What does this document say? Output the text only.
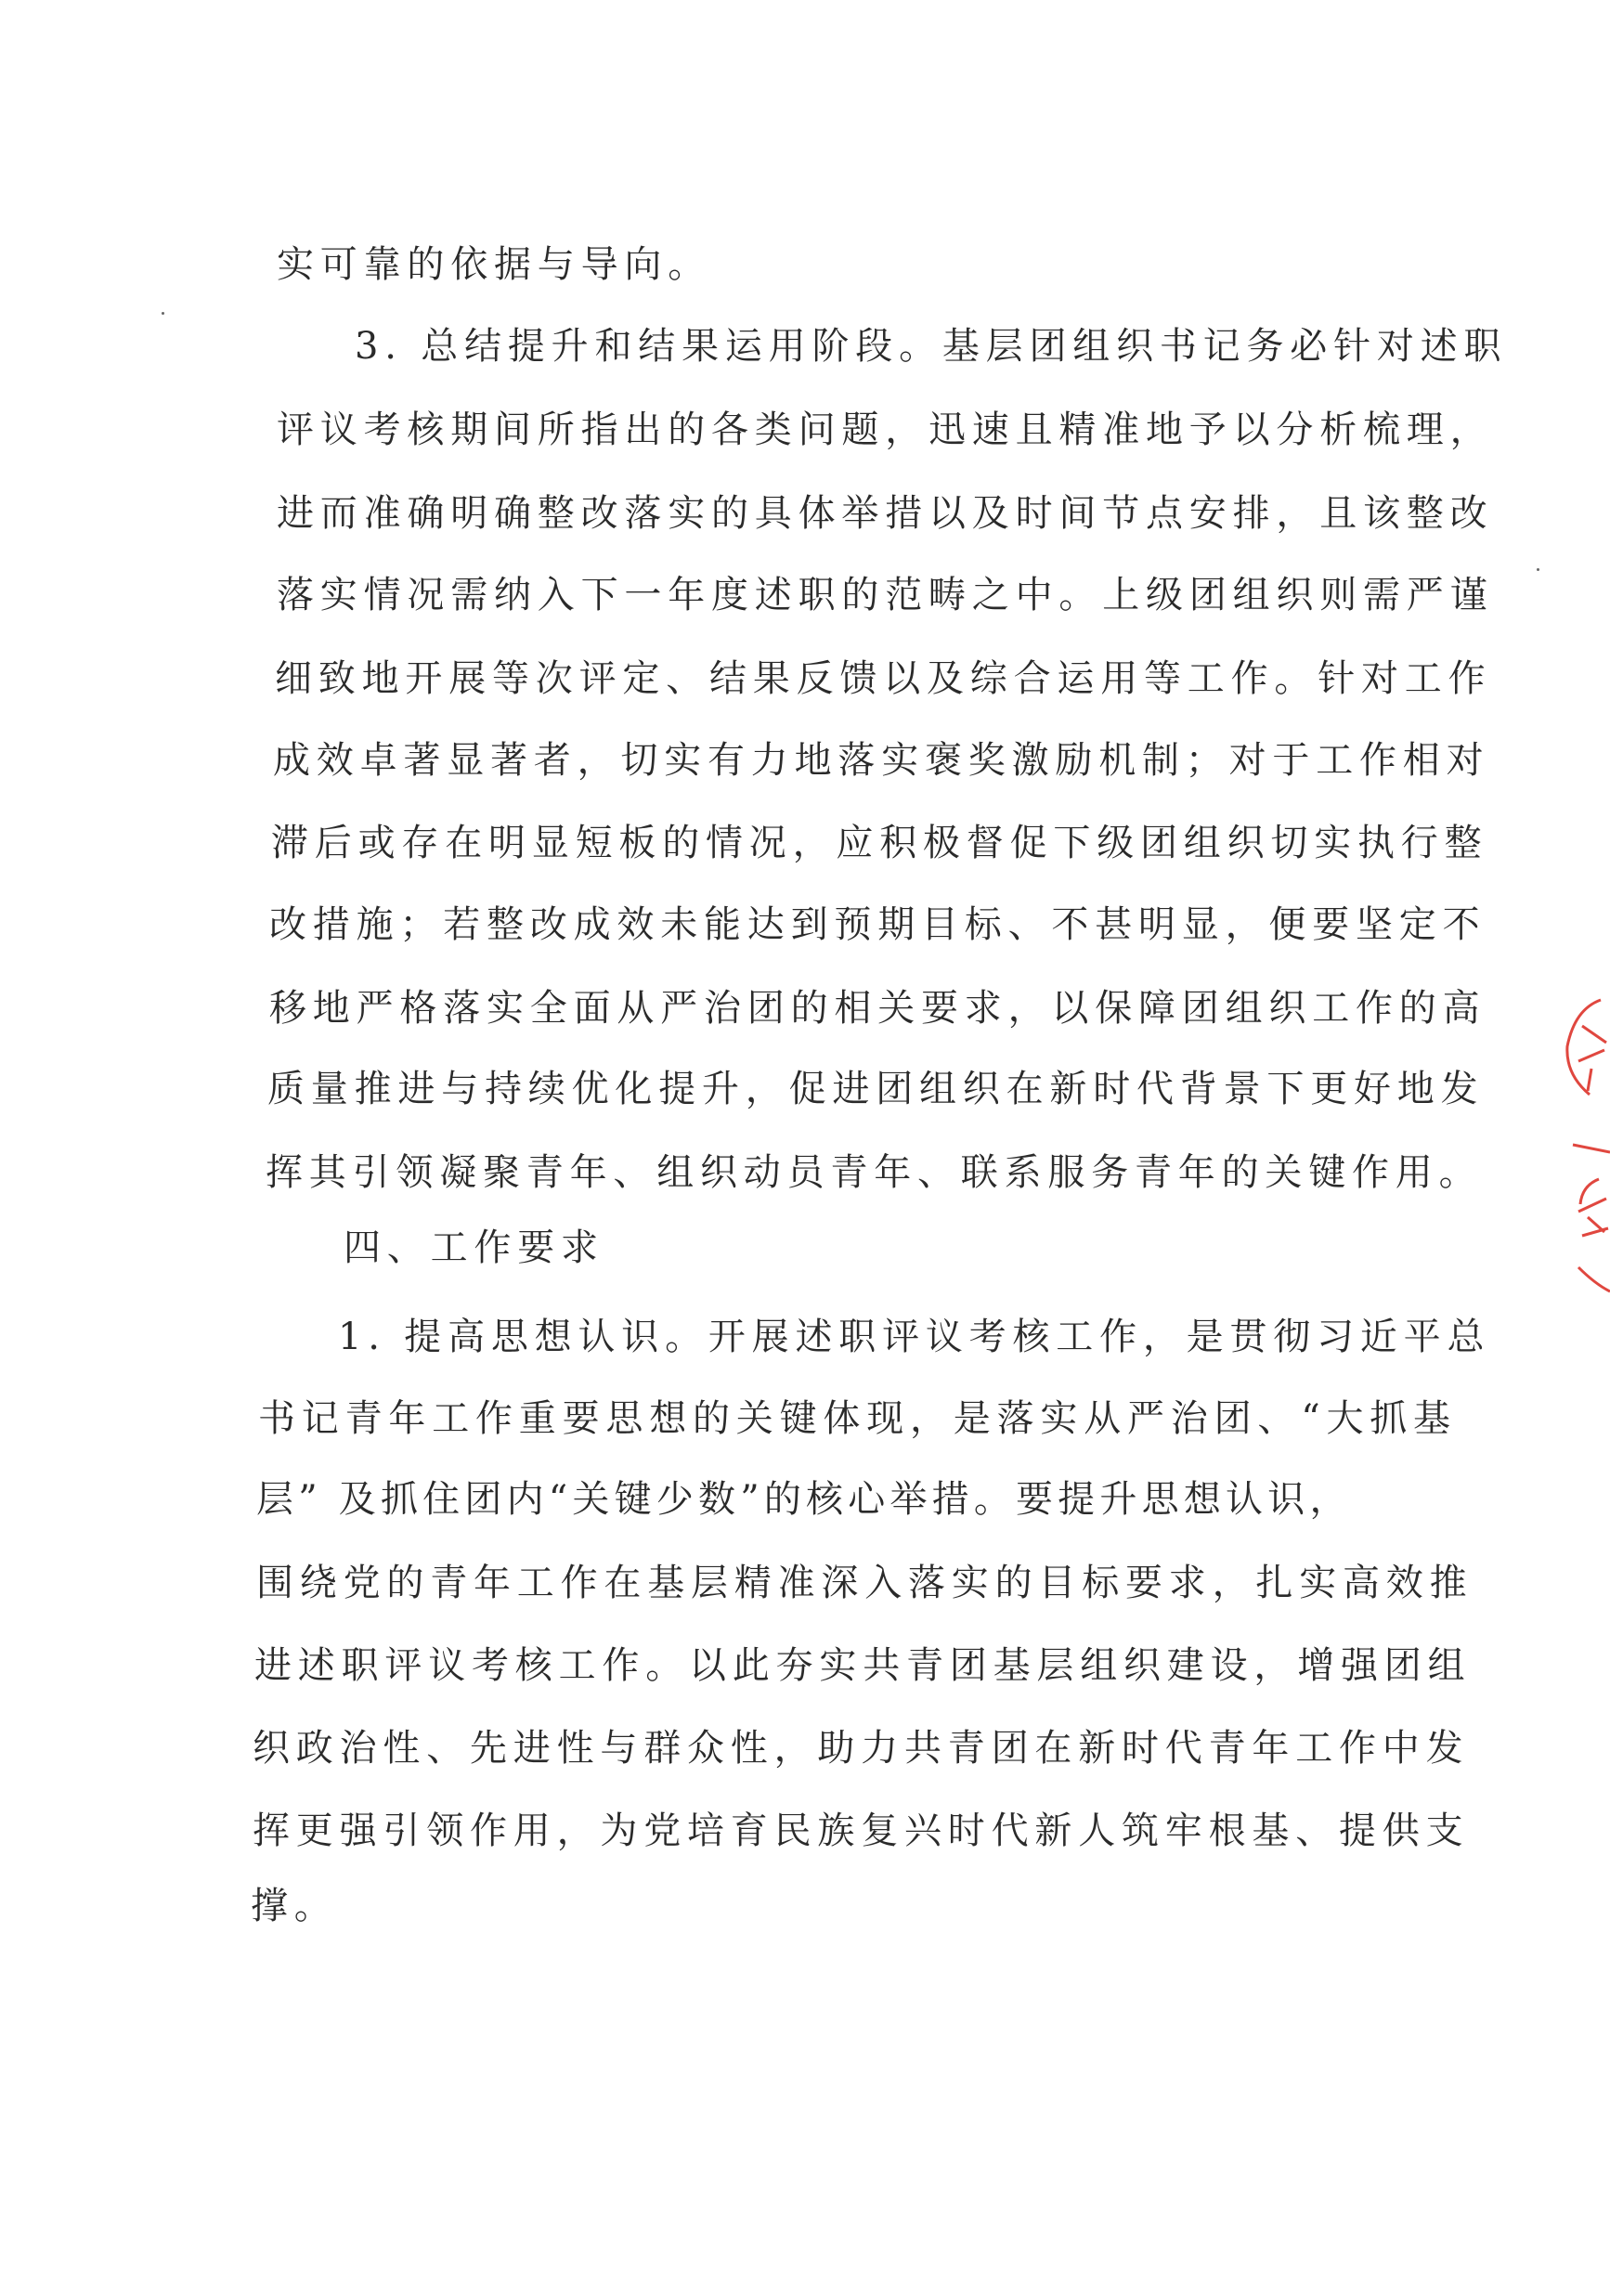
实可靠的依据与导向。
3. 总结提升和结果运用阶段。基层团组织书记务必针对述职
评议考核期间所指出的各类问题，迅速且精准地予以分析梳理，
进而准确明确整改落实的具体举措以及时间节点安排，且该整改
落实情况需纳入下一年度述职的范畴之中。上级团组织则需严谨
细致地开展等次评定、结果反馈以及综合运用等工作。针对工作
成效卓著显著者，切实有力地落实褒奖激励机制；对于工作相对
滞后或存在明显短板的情况，应积极督促下级团组织切实执行整
改措施；若整改成效未能达到预期目标、不甚明显，便要坚定不
移地严格落实全面从严治团的相关要求，以保障团组织工作的高
质量推进与持续优化提升，促进团组织在新时代背景下更好地发
挥其引领凝聚青年、组织动员青年、联系服务青年的关键作用。
四、工作要求
1. 提高思想认识。开展述职评议考核工作，是贯彻习近平总
书记青年工作重要思想的关键体现，是落实从严治团、“大抓基
层” 及抓住团内“关键少数”的核心举措。要提升思想认识，
围绕党的青年工作在基层精准深入落实的目标要求，扎实高效推
进述职评议考核工作。以此夯实共青团基层组织建设，增强团组
织政治性、先进性与群众性，助力共青团在新时代青年工作中发
挥更强引领作用，为党培育民族复兴时代新人筑牢根基、提供支
撑。
